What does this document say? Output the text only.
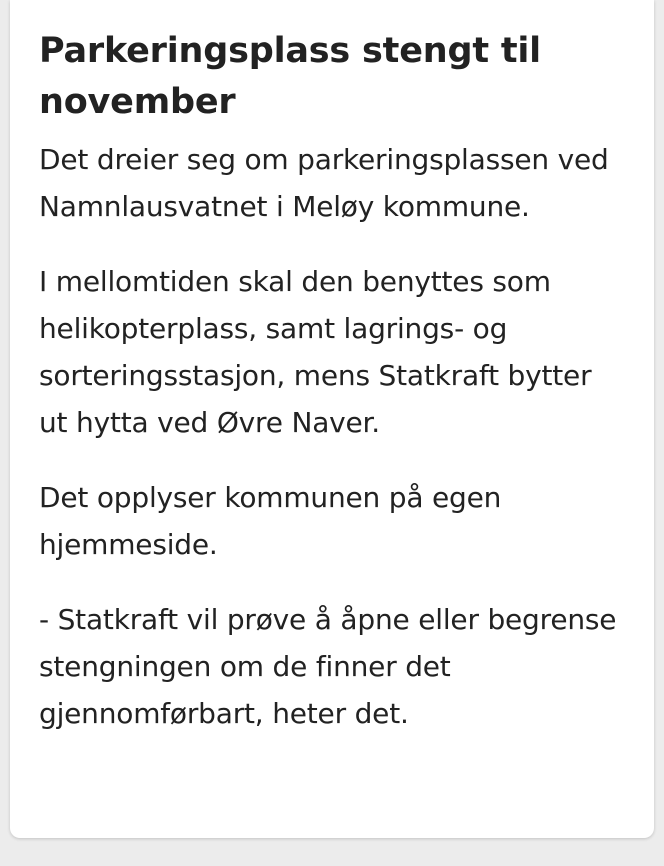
Parkeringsplass stengt til november

Det dreier seg om parkeringsplassen ved Namnlausvatnet i Meløy kommune.

I mellomtiden skal den benyttes som helikopterplass, samt lagrings- og sorteringsstasjon, mens Statkraft bytter ut hytta ved Øvre Naver.

Det opplyser kommunen på egen hjemmeside.

- Statkraft vil prøve å åpne eller begrense stengningen om de finner det gjennomførbart, heter det.
